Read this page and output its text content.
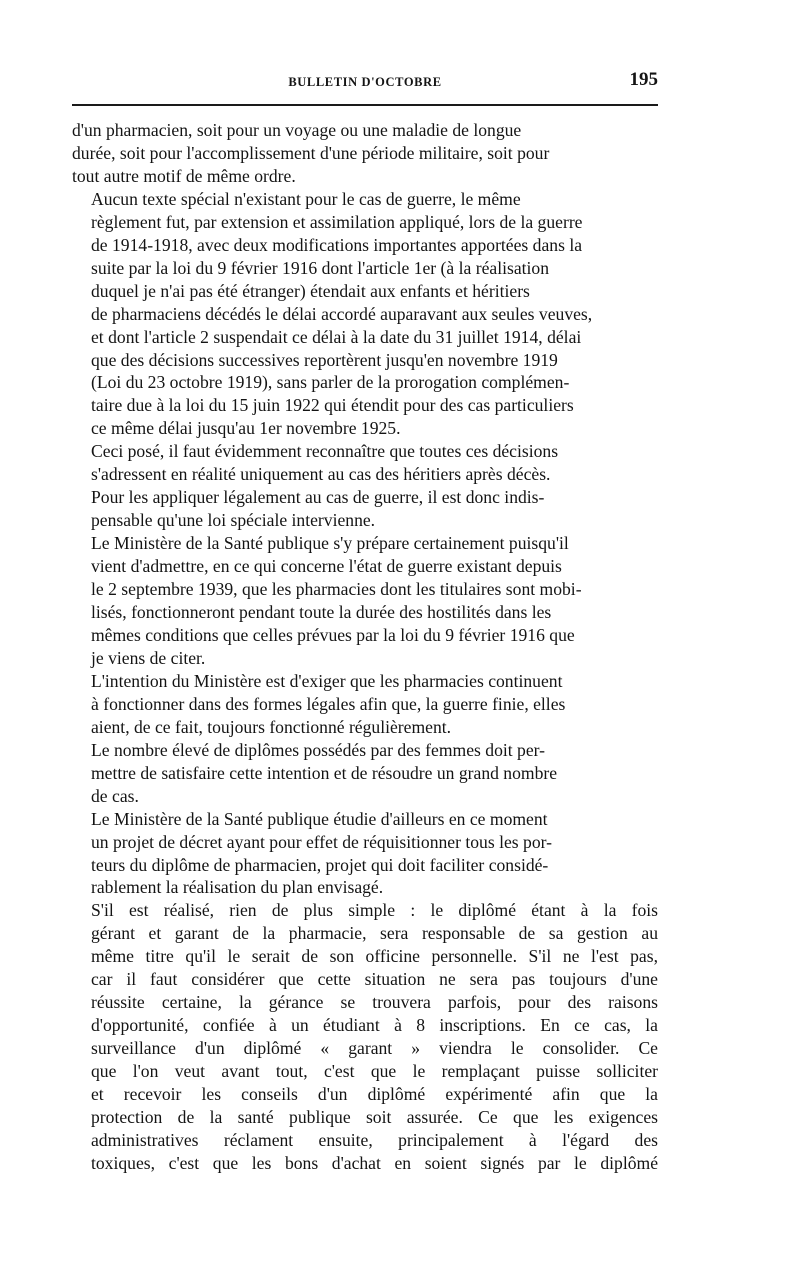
BULLETIN D'OCTOBRE	195

d'un pharmacien, soit pour un voyage ou une maladie de longue
durée, soit pour l'accomplissement d'une période militaire, soit pour
tout autre motif de même ordre.

Aucun texte spécial n'existant pour le cas de guerre, le même
règlement fut, par extension et assimilation appliqué, lors de la guerre
de 1914-1918, avec deux modifications importantes apportées dans la
suite par la loi du 9 février 1916 dont l'article 1er (à la réalisation
duquel je n'ai pas été étranger) étendait aux enfants et héritiers
de pharmaciens décédés le délai accordé auparavant aux seules veuves,
et dont l'article 2 suspendait ce délai à la date du 31 juillet 1914, délai
que des décisions successives reportèrent jusqu'en novembre 1919
(Loi du 23 octobre 1919), sans parler de la prorogation complémen-
taire due à la loi du 15 juin 1922 qui étendit pour des cas particuliers
ce même délai jusqu'au 1er novembre 1925.

Ceci posé, il faut évidemment reconnaître que toutes ces décisions
s'adressent en réalité uniquement au cas des héritiers après décès.
Pour les appliquer légalement au cas de guerre, il est donc indis-
pensable qu'une loi spéciale intervienne.

Le Ministère de la Santé publique s'y prépare certainement puisqu'il
vient d'admettre, en ce qui concerne l'état de guerre existant depuis
le 2 septembre 1939, que les pharmacies dont les titulaires sont mobi-
lisés, fonctionneront pendant toute la durée des hostilités dans les
mêmes conditions que celles prévues par la loi du 9 février 1916 que
je viens de citer.

L'intention du Ministère est d'exiger que les pharmacies continuent
à fonctionner dans des formes légales afin que, la guerre finie, elles
aient, de ce fait, toujours fonctionné régulièrement.

Le nombre élevé de diplômes possédés par des femmes doit per-
mettre de satisfaire cette intention et de résoudre un grand nombre
de cas.

Le Ministère de la Santé publique étudie d'ailleurs en ce moment
un projet de décret ayant pour effet de réquisitionner tous les por-
teurs du diplôme de pharmacien, projet qui doit faciliter considé-
rablement la réalisation du plan envisagé.

S'il est réalisé, rien de plus simple : le diplômé étant à la fois
gérant et garant de la pharmacie, sera responsable de sa gestion au
même titre qu'il le serait de son officine personnelle. S'il ne l'est pas,
car il faut considérer que cette situation ne sera pas toujours d'une
réussite certaine, la gérance se trouvera parfois, pour des raisons
d'opportunité, confiée à un étudiant à 8 inscriptions. En ce cas, la
surveillance d'un diplômé « garant » viendra le consolider. Ce
que l'on veut avant tout, c'est que le remplaçant puisse solliciter
et recevoir les conseils d'un diplômé expérimenté afin que la
protection de la santé publique soit assurée. Ce que les exigences
administratives réclament ensuite, principalement à l'égard des
toxiques, c'est que les bons d'achat en soient signés par le diplômé
